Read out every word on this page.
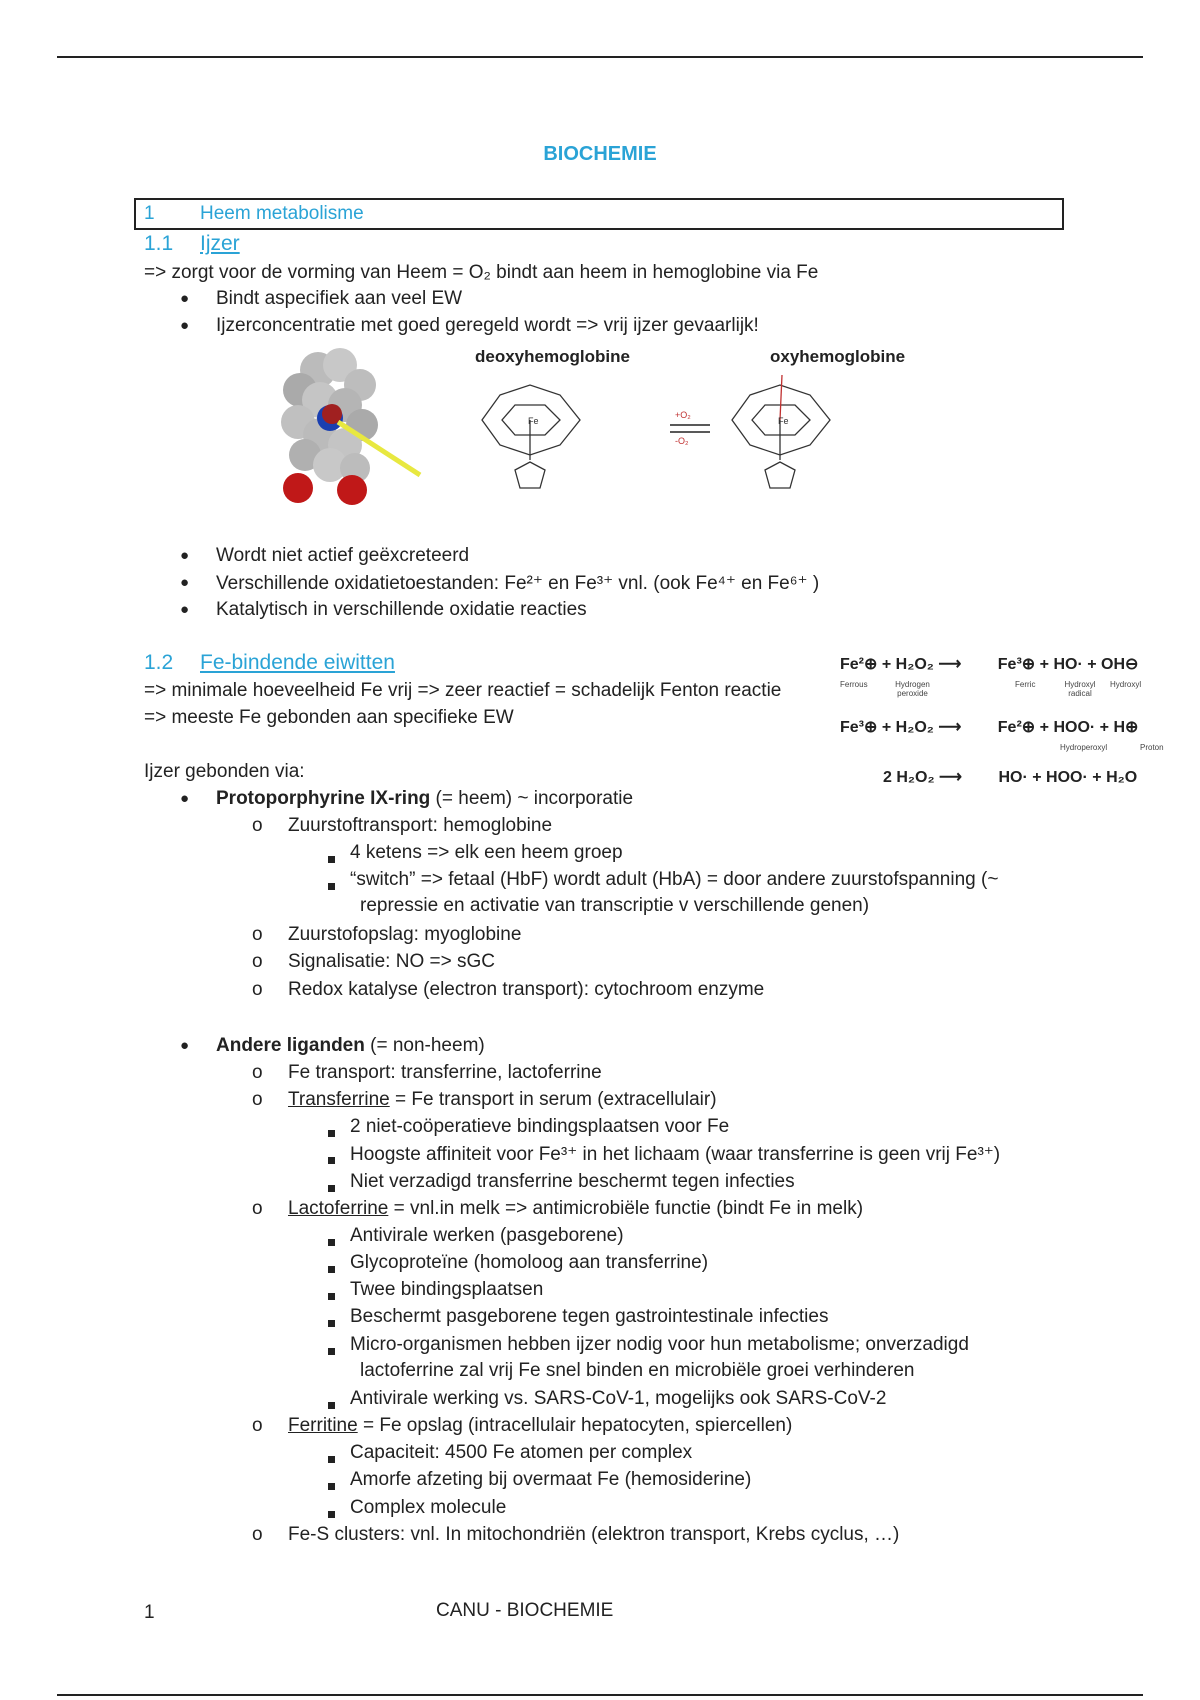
BIOCHEMIE
1 Heem metabolisme
1.1 Ijzer
=> zorgt voor de vorming van Heem = O₂ bindt aan heem in hemoglobine via Fe
● Bindt aspecifiek aan veel EW
● Ijzerconcentratie met goed geregeld wordt => vrij ijzer gevaarlijk!
deoxyhemoglobine	oxyhemoglobine
Fe
+O₂
-O₂
Fe
● Wordt niet actief geëxcreteerd
● Verschillende oxidatietoestanden: Fe²⁺ en Fe³⁺ vnl. (ook Fe⁴⁺ en Fe⁶⁺ )
● Katalytisch in verschillende oxidatie reacties
1.2 Fe-bindende eiwitten
=> minimale hoeveelheid Fe vrij => zeer reactief = schadelijk Fenton reactie
=> meeste Fe gebonden aan specifieke EW
Fe²⊕ + H₂O₂ ⟶ Fe³⊕ + HO· + OH⊖
Ferrous	Hydrogen peroxide
Ferric	Hydroxyl radical
Hydroxyl
Fe³⊕ + H₂O₂ ⟶ Fe²⊕ + HOO· + H⊕
Hydroperoxyl	Proton
2 H₂O₂ ⟶ HO· + HOO· + H₂O
Ijzer gebonden via:
● Protoporphyrine IX-ring (= heem) ~ incorporatie
o Zuurstoftransport: hemoglobine
4 ketens => elk een heem groep
“switch” => fetaal (HbF) wordt adult (HbA) = door andere zuurstofspanning (~
repressie en activatie van transcriptie v verschillende genen)
o Zuurstofopslag: myoglobine
o Signalisatie: NO => sGC
o Redox katalyse (electron transport): cytochroom enzyme
● Andere liganden (= non-heem)
o Fe transport: transferrine, lactoferrine
o Transferrine = Fe transport in serum (extracellulair)
2 niet-coöperatieve bindingsplaatsen voor Fe
Hoogste affiniteit voor Fe³⁺ in het lichaam (waar transferrine is geen vrij Fe³⁺)
Niet verzadigd transferrine beschermt tegen infecties
o Lactoferrine = vnl.in melk => antimicrobiële functie (bindt Fe in melk)
Antivirale werken (pasgeborene)
Glycoproteïne (homoloog aan transferrine)
Twee bindingsplaatsen
Beschermt pasgeborene tegen gastrointestinale infecties
Micro-organismen hebben ijzer nodig voor hun metabolisme; onverzadigd
lactoferrine zal vrij Fe snel binden en microbiële groei verhinderen
Antivirale werking vs. SARS-CoV-1, mogelijks ook SARS-CoV-2
o Ferritine = Fe opslag (intracellulair hepatocyten, spiercellen)
Capaciteit: 4500 Fe atomen per complex
Amorfe afzeting bij overmaat Fe (hemosiderine)
Complex molecule
o Fe-S clusters: vnl. In mitochondriën (elektron transport, Krebs cyclus, …)
1	CANU - BIOCHEMIE
